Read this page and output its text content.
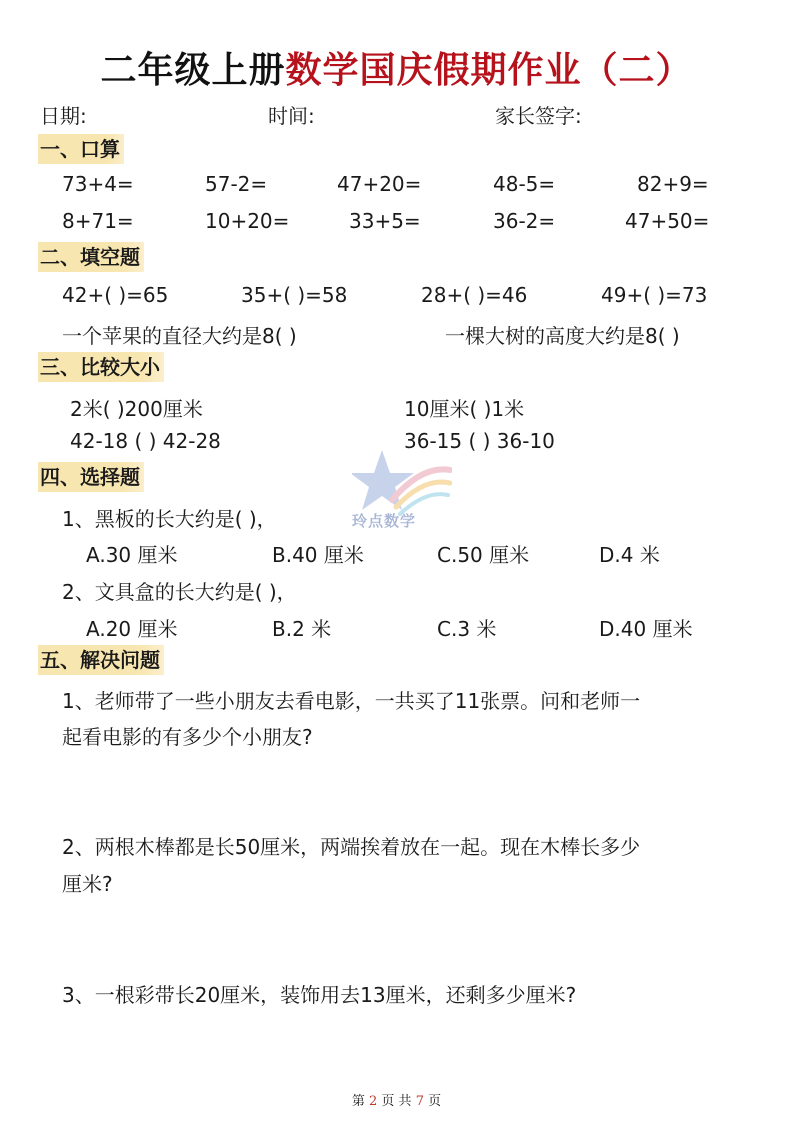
二年级上册数学国庆假期作业（二）
日期:	时间:	家长签字:
一、口算
73+4=	57-2=	47+20=	48-5=	82+9=
8+71=	10+20=	33+5=	36-2=	47+50=
二、填空题
42+( )=65	35+( )=58	28+( )=46	49+( )=73
一个苹果的直径大约是8( )	一棵大树的高度大约是8( )
三、比较大小
2米( )200厘米	10厘米( )1米
42-18 ( ) 42-28	36-15 ( ) 36-10
玲点数学
四、选择题
1、黑板的长大约是( )，
A.30 厘米	B.40 厘米	C.50 厘米	D.4 米
2、文具盒的长大约是( )，
A.20 厘米	B.2 米	C.3 米	D.40 厘米
五、解决问题
1、老师带了一些小朋友去看电影，一共买了11张票。问和老师一
起看电影的有多少个小朋友?
2、两根木棒都是长50厘米，两端挨着放在一起。现在木棒长多少
厘米?
3、一根彩带长20厘米，装饰用去13厘米，还剩多少厘米?
第 2 页 共 7 页
